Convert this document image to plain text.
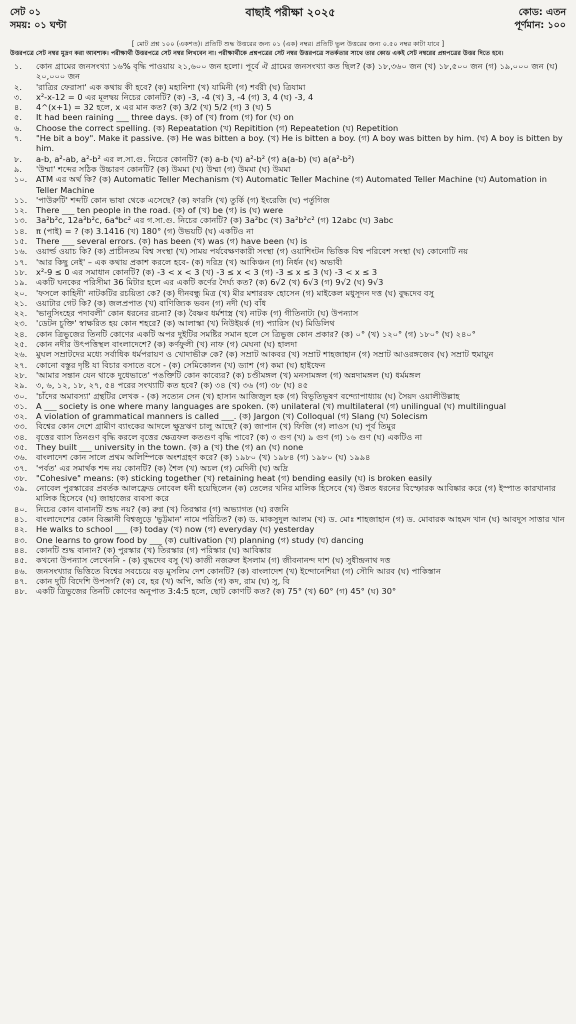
সেট ০১
সময়: ০১ ঘণ্টা
বাছাই পরীক্ষা ২০২৫	কোড: এতন
পূর্ণমান: ১০০
[ মোট প্রশ্ন ১০০ (একশত)। প্রতিটি শুদ্ধ উত্তরের জন্য ০১ (এক) নম্বর। প্রতিটি ভুল উত্তরের জন্য ০.৫০ নম্বর কাটা যাবে ]
উত্তরপত্রে সেট নম্বর মুদ্রণ করা আবশ্যক। পরীক্ষার্থী উত্তরপত্রে সেট নম্বর লিখবেন না। পরীক্ষার্থীকে প্রশ্নপত্রের সেট নম্বর উত্তরপত্রে সতর্কতার সাথে তার কোড একই সেট নম্বরের প্রশ্নপত্রের উত্তর দিতে হবে।
১.	কোন গ্রামের জনসংখ্যা ১৬% বৃদ্ধি পাওয়ায় ২১,৬০০ জন হলো। পূর্বে ঐ গ্রামের জনসংখ্যা কত ছিল? (ক) ১৮,৩৬০ জন (খ) ১৮,৫০০ জন (গ) ১৯,০০০ জন (ঘ) ২০,০০০ জন
২.	'রাত্রির ফেরাসা' এক কথায় কী হবে? (ক) মহানিশা (খ) যামিনী (গ) শর্বরী (ঘ) ত্রিযামা
৩.	x²-x-12 = 0 এর মূলদ্বয় নিচের কোনটি? (ক) -3, -4 (খ) 3, -4 (গ) 3, 4 (ঘ) -3, 4
৪.	4^(x+1) = 32 হলে, x এর মান কত? (ক) 3/2 (খ) 5/2 (গ) 3 (ঘ) 5
৫.	It had been raining ___ three days. (ক) of (খ) from (গ) for (ঘ) on
৬.	Choose the correct spelling. (ক) Repeatation (খ) Repitition (গ) Repeatetion (ঘ) Repetition
৭.	"He bit a boy". Make it passive. (ক) He was bitten a boy. (খ) He is bitten a boy. (গ) A boy was bitten by him. (ঘ) A boy is bitten by him.
৮.	a-b, a²-ab, a²-b² এর ল.সা.গু. নিচের কোনটি? (ক) a-b (খ) a²-b² (গ) a(a-b) (ঘ) a(a²-b²)
৯.	'উম্মা' শব্দের সঠিক উচ্চারণ কোনটি? (ক) উমমা (খ) উম্মা (গ) উমমা (ঘ) উমমা
১০.	ATM এর অর্থ কি? (ক) Automatic Teller Mechanism (খ) Automatic Teller Machine (গ) Automated Teller Machine (ঘ) Automation in Teller Machine
১১.	'পাউরুটি' শব্দটি কোন ভাষা থেকে এসেছে? (ক) ফারসি (খ) তুর্কি (গ) ইংরেজি (ঘ) পর্তুগিজ
১২.	There ___ ten people in the road. (ক) of (খ) be (গ) is (ঘ) were
১৩.	3a²b²c, 12a³b²c, 6a⁴bc² এর গ.সা.গু. নিচের কোনটি? (ক) 3a²bc (খ) 3a²b²c² (গ) 12abc (ঘ) 3abc
১৪.	π (পাই) = ? (ক) 3.1416 (খ) 180° (গ) উভয়টি (ঘ) একটিও না
১৫.	There ___ several errors. (ক) has been (খ) was (গ) have been (ঘ) is
১৬.	ওয়ার্ল্ড ওয়াচ কি? (ক) প্রাচীনতম বিশ্ব সংস্থা (খ) সাময় পর্যবেক্ষণকারী সংস্থা (গ) ওয়াশিংটন ভিত্তিক বিশ্ব পরিবেশ সংস্থা (ঘ) কোনোটি নয়
১৭.	'আর কিছু নেই' – এক কথায় প্রকাশ করলে হবে- (ক) দরিদ্র (খ) আকিঞ্চন (গ) নির্ধন (ঘ) অভাবী
১৮.	x²-9 ≤ 0 এর সমাধান কোনটি? (ক) -3 < x < 3 (খ) -3 ≤ x < 3 (গ) -3 ≤ x ≤ 3 (ঘ) -3 < x ≤ 3
১৯.	একটি ঘনকের পরিসীমা 36 মিটার হলে এর একটি কর্ণের দৈর্ঘ্য কত? (ক) 6√2 (খ) 6√3 (গ) 9√2 (ঘ) 9√3
২০.	'ফসলে কাহিনী' নাটকটির রচয়িতা কে? (ক) দীনবন্ধু মিত্র (খ) মীর মশাররফ হোসেন (গ) মাইকেল মধুসূদন দত্ত (ঘ) বুদ্ধদেব বসু
২১.	ওয়াটার গেট কি? (ক) জলপ্রপাত (খ) বাণিজ্যিক ভবন (গ) নদী (ঘ) বাঁধ
২২.	'ভানুসিংহের পদাবলী' কোন ধরনের রচনা? (ক) বৈষ্ণব ধর্মশাস্ত্র (খ) নাটক (গ) গীতিনাট্য (ঘ) উপন্যাস
২৩.	'ডেটন চুক্তি' স্বাক্ষরিত হয় কোন শহরে? (ক) আলাস্কা (খ) নিউইয়র্ক (গ) প্যারিস (ঘ) মিডিলিথ
২৪.	কোন ত্রিভুজের তিনটি কোণের একটি অপর দুইটির সমষ্টির সমান হলে সে ত্রিভুজ কোন প্রকার? (ক) ০° (খ) ১২০° (গ) ১৮০° (ঘ) ২৪০°
২৫.	কোন নদীর উৎপত্তিস্থল বাংলাদেশে? (ক) কর্ণফুলী (খ) নাফ (গ) মেঘনা (ঘ) হালদা
২৬.	মুঘল সম্রাটদের মধ্যে সর্বাধিক ধর্মপরায়ণ ও খোদাভীরু কে? (ক) সম্রাট আকবর (খ) সম্রাট শাহজাহান (গ) সম্রাট আওরঙ্গজেব (ঘ) সম্রাট হুমায়ুন
২৭.	কোনো বস্তুর দৃষ্টি যা বিচার বসাতে বসে - (ক) সেমিকোলন (খ) ড্যাশ (গ) কমা (ঘ) হাইফেন
২৮.	'আমার সন্তান যেন থাকে দুধেভাতে' পঙক্তিটি কোন কাব্যের? (ক) চণ্ডীমঙ্গল (খ) মনসামঙ্গল (গ) অন্নদামঙ্গল (ঘ) ধর্মমঙ্গল
২৯.	৩, ৬, ১২, ১৮, ২৭, ৫৪ পরের সংখ্যাটি কত হবে? (ক) ৩৪ (খ) ৩৬ (গ) ৩৮ (ঘ) ৪৫
৩০.	'চাঁদের অমাবস্যা' গ্রন্থটির লেখক - (ক) সত্যেন সেন (খ) হাসান আজিজুল হক (গ) বিভূতিভূষণ বন্দ্যোপাধ্যায় (ঘ) সৈয়দ ওয়ালীউল্লাহ
৩১.	A ___ society is one where many languages are spoken. (ক) unilateral (খ) multilateral (গ) unilingual (ঘ) multilingual
৩২.	A violation of grammatical manners is called ___. (ক) Jargon (খ) Colloqual (গ) Slang (ঘ) Solecism
৩৩.	বিশ্বের কোন দেশে গ্রামীণ ব্যাংকের আদলে ক্ষুদ্রঋণ চালু আছে? (ক) জাপান (খ) ফিজি (গ) লাওস (ঘ) পূর্ব তিমুর
৩৪.	বৃত্তের ব্যাস তিনগুণ বৃদ্ধি করলে বৃত্তের ক্ষেত্রফল কতগুণ বৃদ্ধি পাবে? (ক) ৩ গুণ (খ) ৯ গুণ (গ) ১৬ গুণ (ঘ) একটিও না
৩৫.	They built ___ university in the town. (ক) a (খ) the (গ) an (ঘ) none
৩৬.	বাংলাদেশ কোন সালে প্রথম অলিম্পিকে অংশগ্রহণ করে? (ক) ১৯৮০ (খ) ১৯৮৪ (গ) ১৯৮০ (ঘ) ১৯৯৪
৩৭.	'পর্বত' এর সমার্থক শব্দ নয় কোনটি? (ক) শৈল (খ) অচল (গ) মেদিনী (ঘ) অদ্রি
৩৮.	"Cohesive" means: (ক) sticking together (খ) retaining heat (গ) bending easily (ঘ) is broken easily
৩৯.	নোবেল পুরস্কারের প্রবর্তক আলফ্রেড নোবেল ধনী হয়েছিলেন (ক) তেলের খনির মালিক হিসেবে (খ) উন্নত ধরনের বিস্ফোরক আবিষ্কার করে (গ) ইস্পাত কারখানার মালিক হিসেবে (ঘ) জাহাজের ব্যবসা করে
৪০.	নিচের কোন বানানটি শুদ্ধ নয়? (ক) রুগ্ন (খ) তিরস্কার (গ) অভ্যাগত (ঘ) রজনি
৪১.	বাংলাদেশের কোন বিজ্ঞানী বিশ্বজুড়ে 'ভুট্টমান' নামে পরিচিত? (ক) ড. মাকসুদুল আলম (খ) ড. মোঃ শাহজাহান (গ) ড. মোবারক আহমদ খান (ঘ) আবদুস সাত্তার খান
৪২.	He walks to school ___ (ক) today (খ) now (গ) everyday (ঘ) yesterday
৪৩.	One learns to grow food by ___ (ক) cultivation (খ) planning (গ) study (ঘ) dancing
৪৪.	কোনটি শুদ্ধ বানান? (ক) পুরস্কার (খ) তিরস্কার (গ) পরিস্কার (ঘ) আবিষ্কার
৪৫.	কখনো উপন্যাস লেখেননি - (ক) বুদ্ধদেব বসু (খ) কাজী নজরুল ইসলাম (গ) জীবনানন্দ দাশ (ঘ) সুধীন্দ্রনাথ দত্ত
৪৬.	জনসংখ্যার ভিত্তিতে বিশ্বের সবচেয়ে বড় মুসলিম দেশ কোনটি? (ক) বাংলাদেশ (খ) ইন্দোনেশিয়া (গ) সৌদি আরব (ঘ) পাকিস্তান
৪৭.	কোন দুটি বিদেশি উপসর্গ? (ক) বে, হর (খ) অপি, অতি (গ) কদ, রাম (ঘ) সু, বি
৪৮.	একটি ত্রিভুজের তিনটি কোণের অনুপাত 3:4:5 হলে, ছোট কোণটি কত? (ক) 75° (খ) 60° (গ) 45° (ঘ) 30°
